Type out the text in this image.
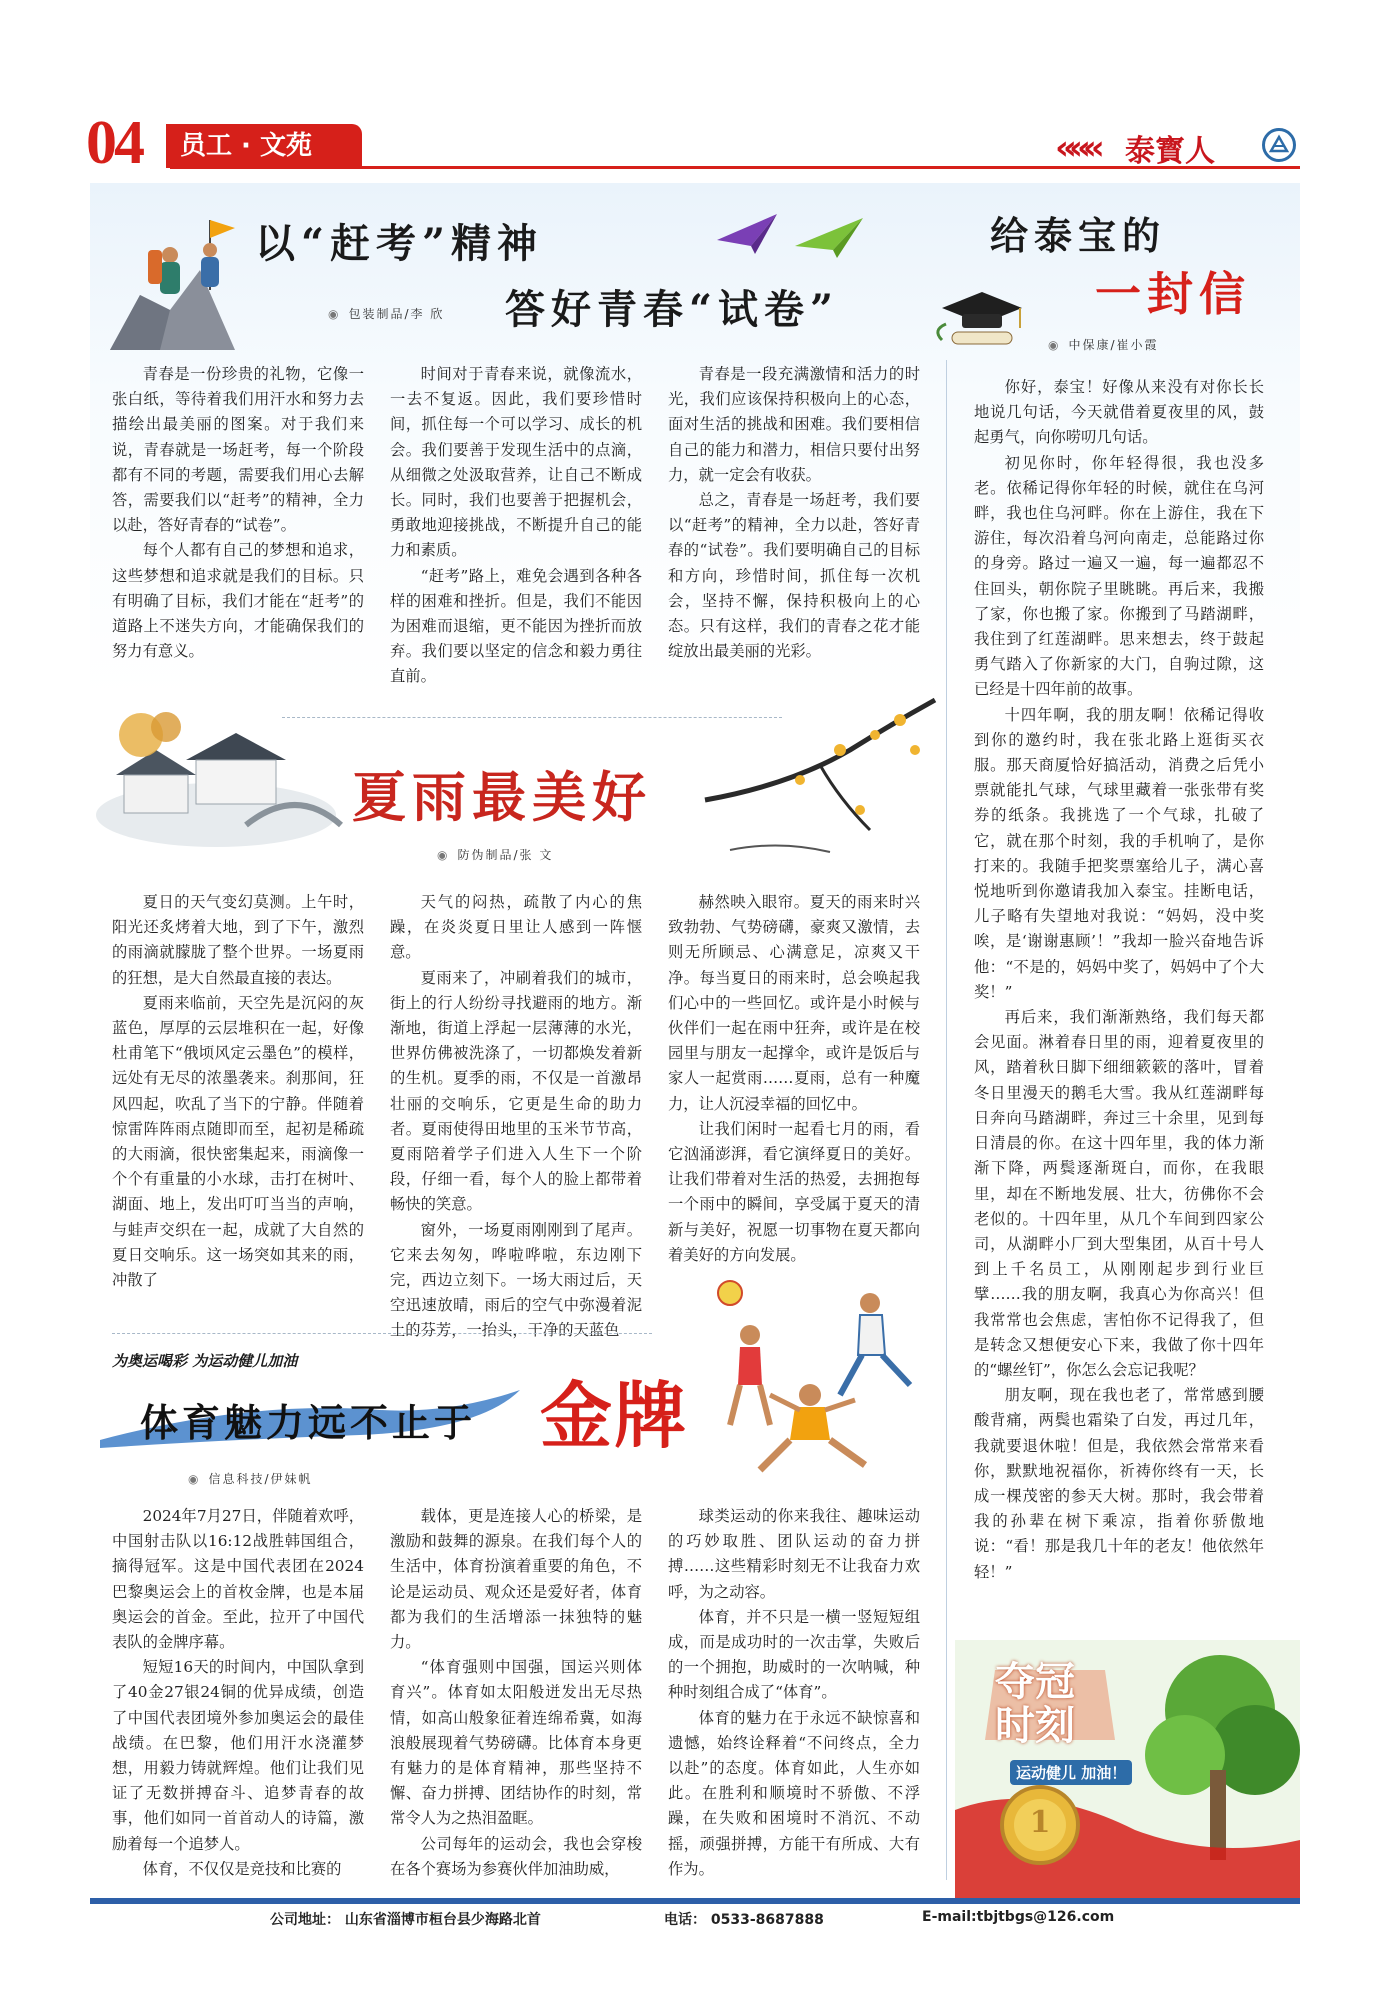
04	员工 · 文苑	««« 泰寳人
以“赶考”精神
答好青春“试卷”
◉ 包装制品/李 欣

青春是一份珍贵的礼物，它像一张白纸，等待着我们用汗水和努力去描绘出最美丽的图案。对于我们来说，青春就是一场赶考，每一个阶段都有不同的考题，需要我们用心去解答，需要我们以“赶考”的精神，全力以赴，答好青春的“试卷”。

每个人都有自己的梦想和追求，这些梦想和追求就是我们的目标。只有明确了目标，我们才能在“赶考”的道路上不迷失方向，才能确保我们的努力有意义。

时间对于青春来说，就像流水，一去不复返。因此，我们要珍惜时间，抓住每一个可以学习、成长的机会。我们要善于发现生活中的点滴，从细微之处汲取营养，让自己不断成长。同时，我们也要善于把握机会，勇敢地迎接挑战，不断提升自己的能力和素质。

“赶考”路上，难免会遇到各种各样的困难和挫折。但是，我们不能因为困难而退缩，更不能因为挫折而放弃。我们要以坚定的信念和毅力勇往直前。

青春是一段充满激情和活力的时光，我们应该保持积极向上的心态，面对生活的挑战和困难。我们要相信自己的能力和潜力，相信只要付出努力，就一定会有收获。

总之，青春是一场赶考，我们要以“赶考”的精神，全力以赴，答好青春的“试卷”。我们要明确自己的目标和方向，珍惜时间，抓住每一次机会，坚持不懈，保持积极向上的心态。只有这样，我们的青春之花才能绽放出最美丽的光彩。

夏雨最美好
◉ 防伪制品/张 文

夏日的天气变幻莫测。上午时，阳光还炙烤着大地，到了下午，激烈的雨滴就朦胧了整个世界。一场夏雨的狂想，是大自然最直接的表达。

夏雨来临前，天空先是沉闷的灰蓝色，厚厚的云层堆积在一起，好像杜甫笔下“俄顷风定云墨色”的模样，远处有无尽的浓墨袭来。刹那间，狂风四起，吹乱了当下的宁静。伴随着惊雷阵阵雨点随即而至，起初是稀疏的大雨滴，很快密集起来，雨滴像一个个有重量的小水球，击打在树叶、湖面、地上，发出叮叮当当的声响，与蛙声交织在一起，成就了大自然的夏日交响乐。这一场突如其来的雨，冲散了

天气的闷热，疏散了内心的焦躁，在炎炎夏日里让人感到一阵惬意。

夏雨来了，冲刷着我们的城市，街上的行人纷纷寻找避雨的地方。渐渐地，街道上浮起一层薄薄的水光，世界仿佛被洗涤了，一切都焕发着新的生机。夏季的雨，不仅是一首激昂壮丽的交响乐，它更是生命的助力者。夏雨使得田地里的玉米节节高，夏雨陪着学子们进入人生下一个阶段，仔细一看，每个人的脸上都带着畅快的笑意。

窗外，一场夏雨刚刚到了尾声。它来去匆匆，哗啦哗啦，东边刚下完，西边立刻下。一场大雨过后，天空迅速放晴，雨后的空气中弥漫着泥土的芬芳，一抬头，干净的天蓝色

赫然映入眼帘。夏天的雨来时兴致勃勃、气势磅礴，豪爽又激情，去则无所顾忌、心满意足，凉爽又干净。每当夏日的雨来时，总会唤起我们心中的一些回忆。或许是小时候与伙伴们一起在雨中狂奔，或许是在校园里与朋友一起撑伞，或许是饭后与家人一起赏雨……夏雨，总有一种魔力，让人沉浸幸福的回忆中。

让我们闲时一起看七月的雨，看它汹涌澎湃，看它演绎夏日的美好。让我们带着对生活的热爱，去拥抱每一个雨中的瞬间，享受属于夏天的清新与美好，祝愿一切事物在夏天都向着美好的方向发展。

为奥运喝彩 为运动健儿加油
体育魅力远不止于 金牌
◉ 信息科技/伊妹帆

2024年7月27日，伴随着欢呼，中国射击队以16:12战胜韩国组合，摘得冠军。这是中国代表团在2024巴黎奥运会上的首枚金牌，也是本届奥运会的首金。至此，拉开了中国代表队的金牌序幕。

短短16天的时间内，中国队拿到了40金27银24铜的优异成绩，创造了中国代表团境外参加奥运会的最佳战绩。在巴黎，他们用汗水浇灌梦想，用毅力铸就辉煌。他们让我们见证了无数拼搏奋斗、追梦青春的故事，他们如同一首首动人的诗篇，激励着每一个追梦人。

体育，不仅仅是竞技和比赛的

载体，更是连接人心的桥梁，是激励和鼓舞的源泉。在我们每个人的生活中，体育扮演着重要的角色，不论是运动员、观众还是爱好者，体育都为我们的生活增添一抹独特的魅力。

“体育强则中国强，国运兴则体育兴”。体育如太阳般迸发出无尽热情，如高山般象征着连绵希冀，如海浪般展现着气势磅礴。比体育本身更有魅力的是体育精神，那些坚持不懈、奋力拼搏、团结协作的时刻，常常令人为之热泪盈眶。

公司每年的运动会，我也会穿梭在各个赛场为参赛伙伴加油助威，

球类运动的你来我往、趣味运动的巧妙取胜、团队运动的奋力拼搏……这些精彩时刻无不让我奋力欢呼，为之动容。

体育，并不只是一横一竖短短组成，而是成功时的一次击掌，失败后的一个拥抱，助威时的一次呐喊，种种时刻组合成了“体育”。

体育的魅力在于永远不缺惊喜和遗憾，始终诠释着“不问终点，全力以赴”的态度。体育如此，人生亦如此。在胜利和顺境时不骄傲、不浮躁，在失败和困境时不消沉、不动摇，顽强拼搏，方能干有所成、大有作为。

给泰宝的
一封信
◉ 中保康/崔小霞

你好，泰宝！好像从来没有对你长长地说几句话，今天就借着夏夜里的风，鼓起勇气，向你唠叨几句话。

初见你时，你年轻得很，我也没多老。依稀记得你年轻的时候，就住在乌河畔，我也住乌河畔。你在上游住，我在下游住，每次沿着乌河向南走，总能路过你的身旁。路过一遍又一遍，每一遍都忍不住回头，朝你院子里眺眺。再后来，我搬了家，你也搬了家。你搬到了马踏湖畔，我住到了红莲湖畔。思来想去，终于鼓起勇气踏入了你新家的大门，自驹过隙，这已经是十四年前的故事。

十四年啊，我的朋友啊！依稀记得收到你的邀约时，我在张北路上逛街买衣服。那天商厦恰好搞活动，消费之后凭小票就能扎气球，气球里藏着一张张带有奖券的纸条。我挑选了一个气球，扎破了它，就在那个时刻，我的手机响了，是你打来的。我随手把奖票塞给儿子，满心喜悦地听到你邀请我加入泰宝。挂断电话，儿子略有失望地对我说：“妈妈，没中奖唉，是‘谢谢惠顾’！”我却一脸兴奋地告诉他：“不是的，妈妈中奖了，妈妈中了个大奖！”

再后来，我们渐渐熟络，我们每天都会见面。淋着春日里的雨，迎着夏夜里的风，踏着秋日脚下细细簌簌的落叶，冒着冬日里漫天的鹅毛大雪。我从红莲湖畔每日奔向马踏湖畔，奔过三十余里，见到每日清晨的你。在这十四年里，我的体力渐渐下降，两鬓逐渐斑白，而你，在我眼里，却在不断地发展、壮大，彷佛你不会老似的。十四年里，从几个车间到四家公司，从湖畔小厂到大型集团，从百十号人到上千名员工，从刚刚起步到行业巨擘……我的朋友啊，我真心为你高兴！但我常常也会焦虑，害怕你不记得我了，但是转念又想便安心下来，我做了你十四年的“螺丝钉”，你怎么会忘记我呢？

朋友啊，现在我也老了，常常感到腰酸背痛，两鬓也霜染了白发，再过几年，我就要退休啦！但是，我依然会常常来看你，默默地祝福你，祈祷你终有一天，长成一棵茂密的参天大树。那时，我会带着我的孙辈在树下乘凉，指着你骄傲地说：“看！那是我几十年的老友！他依然年轻！”

夺冠时刻
运动健儿 加油！
1
公司地址： 山东省淄博市桓台县少海路北首	电话： 0533-8687888	E-mail:tbjtbgs@126.com
